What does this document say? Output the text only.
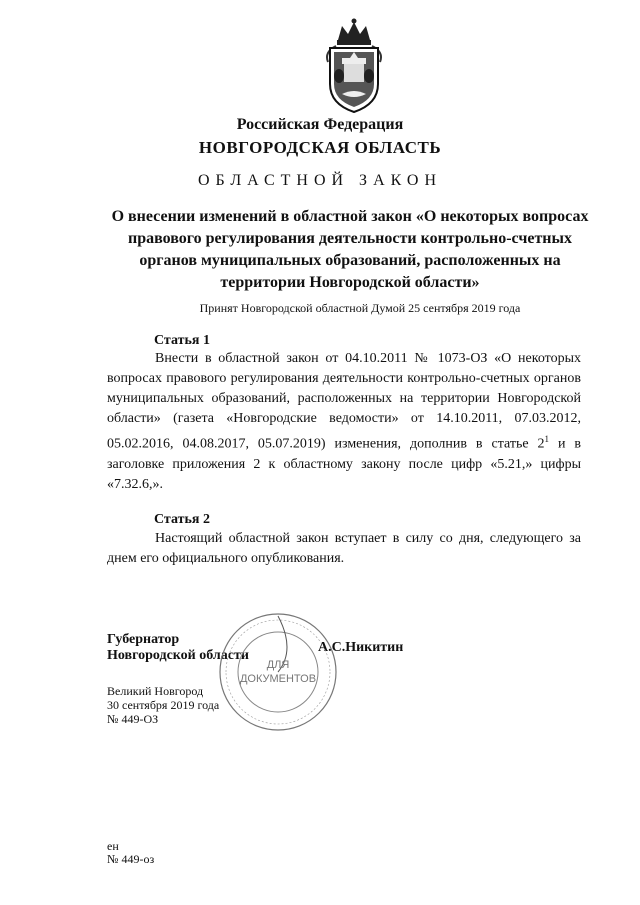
Российская Федерация
НОВГОРОДСКАЯ ОБЛАСТЬ
ОБЛАСТНОЙ ЗАКОН
О внесении изменений в областной закон «О некоторых вопросах правового регулирования деятельности контрольно-счетных органов муниципальных образований, расположенных на территории Новгородской области»
Принят Новгородской областной Думой 25 сентября 2019 года
Статья 1
Внести в областной закон от 04.10.2011 № 1073-ОЗ «О некоторых вопросах правового регулирования деятельности контрольно-счетных органов муниципальных образований, расположенных на территории Новгородской области» (газета «Новгородские ведомости» от 14.10.2011, 07.03.2012, 05.02.2016, 04.08.2017, 05.07.2019) изменения, дополнив в статье $2^1$ и в заголовке приложения 2 к областному закону после цифр «5.21,» цифры «7.32.6,».
Статья 2
Настоящий областной закон вступает в силу со дня, следующего за днем его официального опубликования.
Губернатор
Новгородской области
А.С.Никитин
ДЛЯ
ДОКУМЕНТОВ
Великий Новгород
30 сентября 2019 года
№ 449-ОЗ
ен
№ 449-оз
